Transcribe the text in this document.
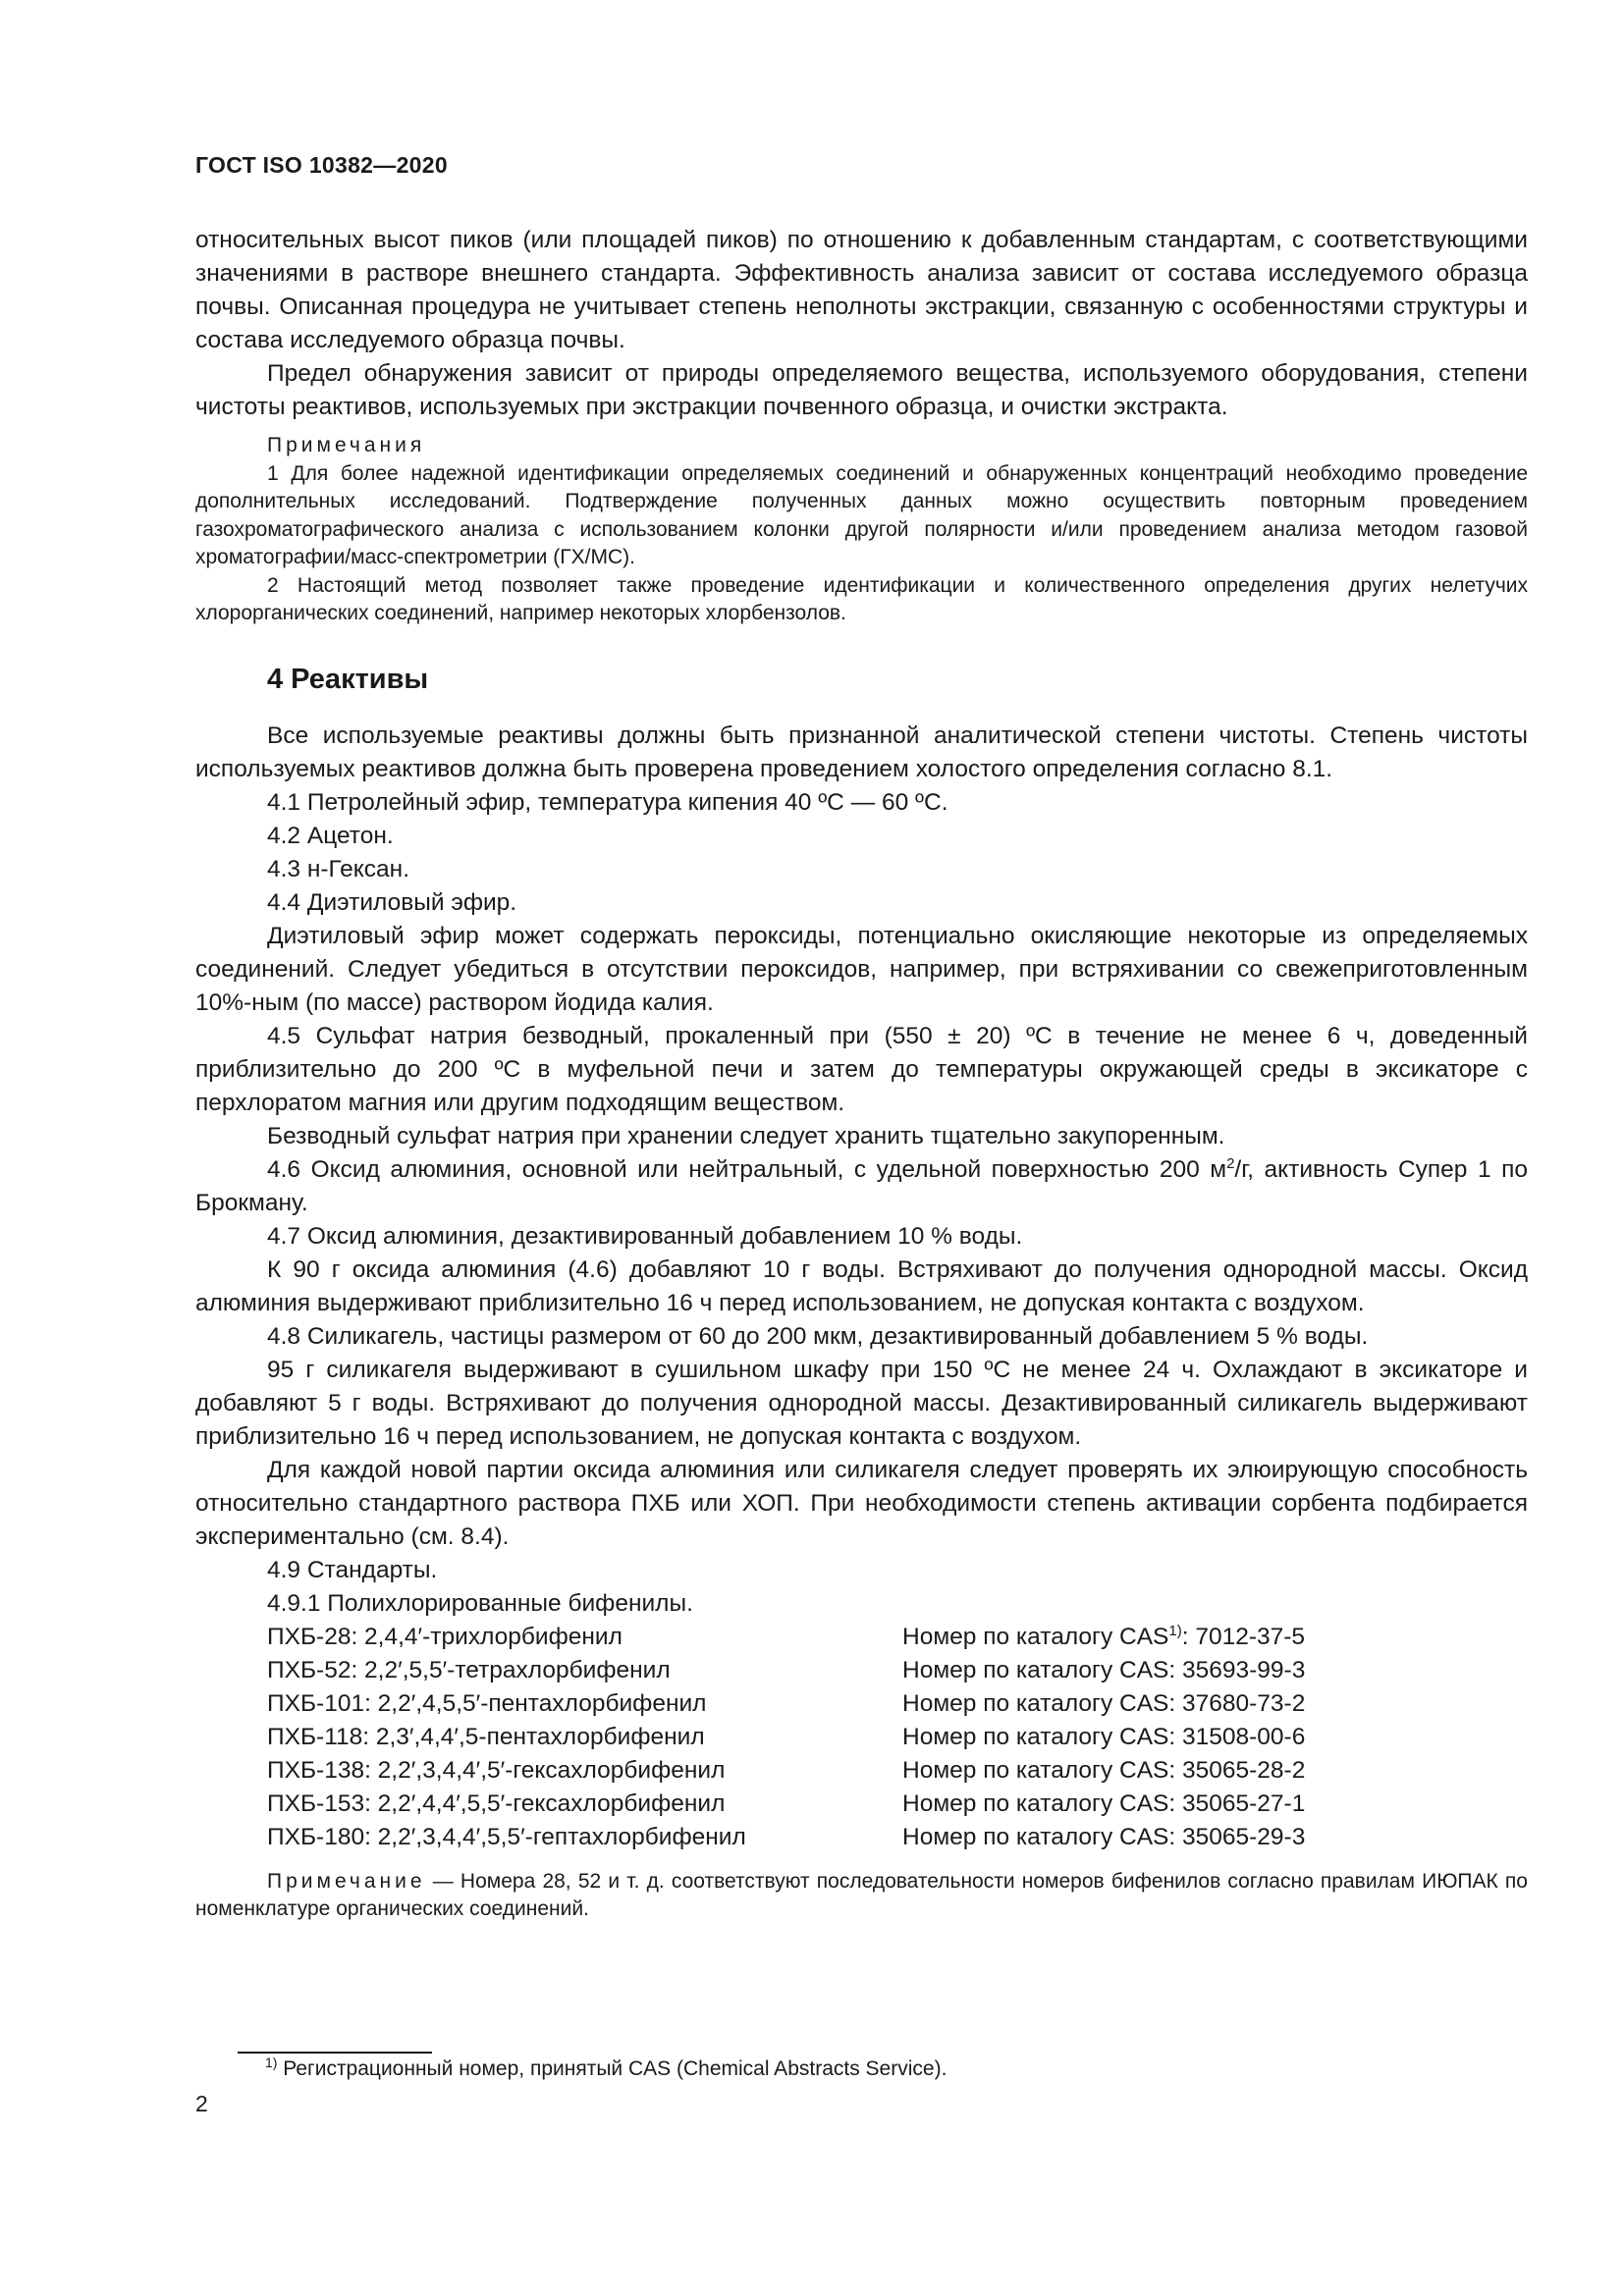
ГОСТ ISO 10382—2020

относительных высот пиков (или площадей пиков) по отношению к добавленным стандартам, с соответствующими значениями в растворе внешнего стандарта. Эффективность анализа зависит от состава исследуемого образца почвы. Описанная процедура не учитывает степень неполноты экстракции, связанную с особенностями структуры и состава исследуемого образца почвы.

Предел обнаружения зависит от природы определяемого вещества, используемого оборудования, степени чистоты реактивов, используемых при экстракции почвенного образца, и очистки экстракта.

Примечания

1 Для более надежной идентификации определяемых соединений и обнаруженных концентраций необходимо проведение дополнительных исследований. Подтверждение полученных данных можно осуществить повторным проведением газохроматографического анализа с использованием колонки другой полярности и/или проведением анализа методом газовой хроматографии/масс-спектрометрии (ГХ/МС).

2 Настоящий метод позволяет также проведение идентификации и количественного определения других нелетучих хлорорганических соединений, например некоторых хлорбензолов.

4 Реактивы

Все используемые реактивы должны быть признанной аналитической степени чистоты. Степень чистоты используемых реактивов должна быть проверена проведением холостого определения согласно 8.1.

4.1 Петролейный эфир, температура кипения 40 ºС — 60 ºС.

4.2 Ацетон.

4.3 н-Гексан.

4.4 Диэтиловый эфир.

Диэтиловый эфир может содержать пероксиды, потенциально окисляющие некоторые из определяемых соединений. Следует убедиться в отсутствии пероксидов, например, при встряхивании со свежеприготовленным 10%-ным (по массе) раствором йодида калия.

4.5 Сульфат натрия безводный, прокаленный при (550 ± 20) ºС в течение не менее 6 ч, доведенный приблизительно до 200 ºС в муфельной печи и затем до температуры окружающей среды в эксикаторе с перхлоратом магния или другим подходящим веществом.

Безводный сульфат натрия при хранении следует хранить тщательно закупоренным.

4.6 Оксид алюминия, основной или нейтральный, с удельной поверхностью 200 $м^2/г$, активность Супер 1 по Брокману.

4.7 Оксид алюминия, дезактивированный добавлением 10 % воды.

К 90 г оксида алюминия (4.6) добавляют 10 г воды. Встряхивают до получения однородной массы. Оксид алюминия выдерживают приблизительно 16 ч перед использованием, не допуская контакта с воздухом.

4.8 Силикагель, частицы размером от 60 до 200 мкм, дезактивированный добавлением 5 % воды.

95 г силикагеля выдерживают в сушильном шкафу при 150 ºС не менее 24 ч. Охлаждают в эксикаторе и добавляют 5 г воды. Встряхивают до получения однородной массы. Дезактивированный силикагель выдерживают приблизительно 16 ч перед использованием, не допуская контакта с воздухом.

Для каждой новой партии оксида алюминия или силикагеля следует проверять их элюирующую способность относительно стандартного раствора ПХБ или ХОП. При необходимости степень активации сорбента подбирается экспериментально (см. 8.4).

4.9 Стандарты.

4.9.1 Полихлорированные бифенилы.

ПХБ-28: 2,4,4′-трихлорбифенил	Номер по каталогу CAS$^{1)}$: 7012-37-5
ПХБ-52: 2,2′,5,5′-тетрахлорбифенил	Номер по каталогу CAS: 35693-99-3
ПХБ-101: 2,2′,4,5,5′-пентахлорбифенил	Номер по каталогу CAS: 37680-73-2
ПХБ-118: 2,3′,4,4′,5-пентахлорбифенил	Номер по каталогу CAS: 31508-00-6
ПХБ-138: 2,2′,3,4,4′,5′-гексахлорбифенил	Номер по каталогу CAS: 35065-28-2
ПХБ-153: 2,2′,4,4′,5,5′-гексахлорбифенил	Номер по каталогу CAS: 35065-27-1
ПХБ-180: 2,2′,3,4,4′,5,5′-гептахлорбифенил	Номер по каталогу CAS: 35065-29-3

Примечание — Номера 28, 52 и т. д. соответствуют последовательности номеров бифенилов согласно правилам ИЮПАК по номенклатуре органических соединений.

$^{1)}$ Регистрационный номер, принятый CAS (Chemical Abstracts Service).
2
